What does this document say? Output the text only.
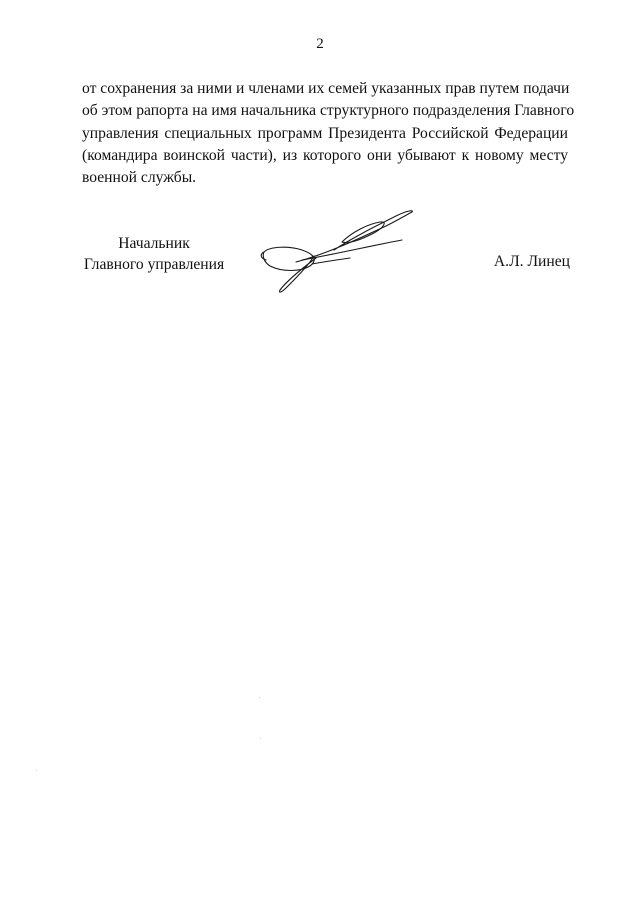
2

от сохранения за ними и членами их семей указанных прав путем подачи
об этом рапорта на имя начальника структурного подразделения Главного
управления специальных программ Президента Российской Федерации
(командира воинской части), из которого они убывают к новому месту
военной службы.

Начальник
Главного управления	А.Л. Линец
